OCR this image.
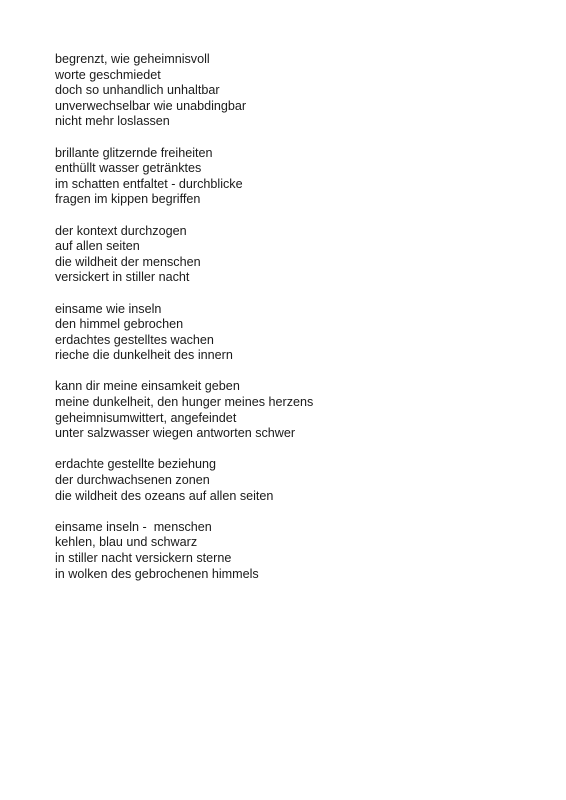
begrenzt, wie geheimnisvoll
worte geschmiedet
doch so unhandlich unhaltbar
unverwechselbar wie unabdingbar
nicht mehr loslassen
brillante glitzernde freiheiten
enthüllt wasser getränktes
im schatten entfaltet - durchblicke
fragen im kippen begriffen
der kontext durchzogen
auf allen seiten
die wildheit der menschen
versickert in stiller nacht
einsame wie inseln
den himmel gebrochen
erdachtes gestelltes wachen
rieche die dunkelheit des innern
kann dir meine einsamkeit geben
meine dunkelheit, den hunger meines herzens
geheimnisumwittert, angefeindet
unter salzwasser wiegen antworten schwer
erdachte gestellte beziehung
der durchwachsenen zonen
die wildheit des ozeans auf allen seiten
einsame inseln -  menschen
kehlen, blau und schwarz
in stiller nacht versickern sterne
in wolken des gebrochenen himmels
